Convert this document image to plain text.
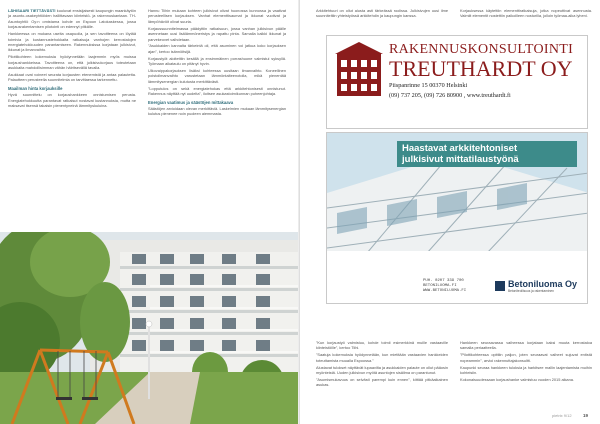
LÄHISAARI TIETTÄVÄSTI kuuluvat ensisijaisesti kaupungin maankäytön ja asunto-osakeyhtiöiden hallittavaan kiinteistö- ja rakennuskantaan. TH-Asuntoyhtiö Oy:n omistama kohde on Espoon Latokaskessa, jossa korjausrakentamisen pilotointi on edennyt pitkälle.

Hankkeessa on mukana useita osapuolia, ja sen tavoitteena on löytää toimivia ja kustannustehokkaita ratkaisuja vanhojen kerrostalojen energiatehokkuuden parantamiseen. Rakennuksissa korjataan julkisivut, ikkunat ja ilmanvaihto.

Pilottikohteen kokemuksia hyödynnetään laajemmin myös muissa korjaushankkeissa. Tavoitteena on, että julkisivukorjaus toteutetaan asukkaita mahdollisimman vähän häiritsevällä tavalla.

Asukkaat ovat voineet seurata korjausten etenemistä ja antaa palautetta. Palautteen perusteella suunnitelmia on tarvittaessa tarkennettu.

Maailman hinta korjauksille

Hyvä suunnittelu on korjaushankkeen onnistumisen perusta. Energiatehokkuutta parantavat ratkaisut nostavat kustannuksia, mutta ne maksavat itsensä takaisin pienentyneinä lämmityskuluina.

Hannu Tiihin mukaan kohteen julkisivut olivat huonossa kunnossa ja vaativat perusteellisen korjauksen. Vanhat elementtisaumat ja ikkunat vuotivat ja lämpöhäviöt olivat suuria.

Korjaussuunnitelmassa päädyttiin ratkaisuun, jossa vanhan julkisivun päälle asennetaan uusi lisälämmöneristys ja rapattu pinta. Samalla kaikki ikkunat ja parvekeovet vaihdetaan.

"Asukkaiden kannalta tärkeintä oli, että asuminen voi jatkua koko korjauksen ajan", kertoo isännöitsijä.

Korjaustyöt aloitettiin kesällä ja ensimmäinen porrashuone valmistui syksyllä. Työmaan aikataulu on pitänyt hyvin.

Ulkovaippakorjauksen lisäksi kohteessa uusitaan ilmanvaihto. Koneellinen poistoilmanvaihto varustetaan lämmöntalteenotolla, mikä pienentää lämmitysenergian kulutusta merkittävästi.

"Lopputulos on sekä energiatehokas että arkkitehtonisesti onnistunut. Rakennus näyttää nyt uudelta", iloitsee asukastoimikunnan puheenjohtaja.

Energian vaatimus ja säästöjen mittakaava

Säästöjen arvioidaan olevan merkittäviä. Laskelmien mukaan lämmitysenergian kulutus pienenee noin puoleen aiemmasta.

Arkkitehtuuri on ollut alusta asti tärkeässä roolissa. Julkisivujen uusi ilme suunniteltiin yhteistyössä arkkitehdin ja kaupungin kanssa.

Korjauksessa käytettiin elementtiratkaisuja, jotka nopeuttivat asennusta. Valmiit elementit nostettiin paikoilleen nosturilla, jolloin työmaa-aika lyheni.

RAKENNUSKONSULTOINTI
TREUTHARDT OY
Piispanrinne 15 00370 Helsinki
(09) 737 205, (09) 726 80900 , www.treuthardt.fi
Haastavat arkkitehtoniset
julkisivut mittatilaustyönä
PUH. 0207 339 700
BETONILUOMA.FI
WWW.BETONILUOMA.FI
Betoniluoma Oy
Betoniteollisuus ja rakentaminen

"Kun korjaustyö valmistuu, kohde toimii esimerkkinä muille vastaaville kiinteistöille", kertoo Tiihi.

"Saatuja kokemuksia hyödynnetään, kun mietitään vastaavien hankkeiden toteuttamista muualla Espoossa."

Alustavat tulokset näyttävät lupaavilta ja asukkaiden palaute on ollut pääosin myönteistä. Uuden julkisivun myötä asuntojen sisäilma on parantunut.

"Asumismukavuus on selvästi parempi kuin ennen", kiittää pitkäaikainen asukas.

Hankkeen seuraavassa vaiheessa korjataan kaksi muuta kerrostaloa samalla periaatteella.

"Pilottikohteessa opittiin paljon, joten seuraavat vaiheet sujuvat entistä nopeammin", arvioi rakennuttajakonsultti.

Kaupunki seuraa hankkeen tuloksia ja harkitsee mallin laajentamista muihin kohteisiin.

Kokonaisuudessaan korjaushanke valmistuu vuoden 2015 aikana.

pietrix 9/12	19
